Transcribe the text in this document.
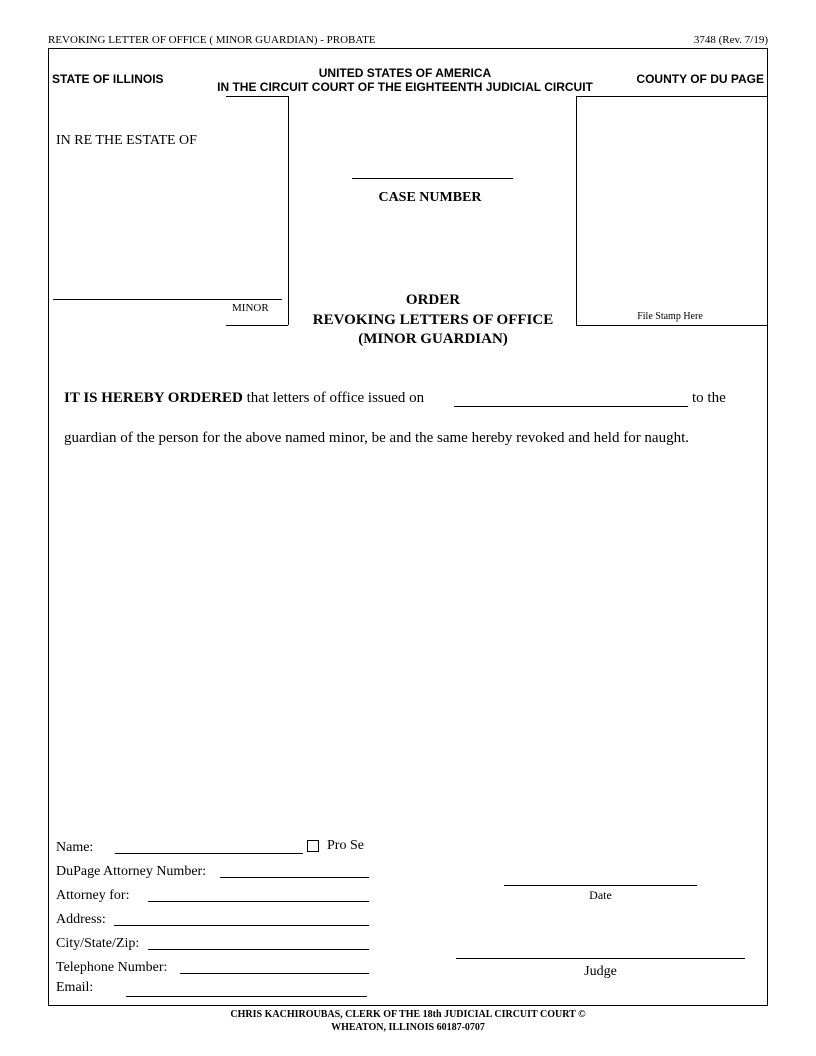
REVOKING LETTER OF OFFICE ( MINOR GUARDIAN) - PROBATE	3748 (Rev. 7/19)
STATE OF ILLINOIS	UNITED STATES OF AMERICA
IN THE CIRCUIT COURT OF THE EIGHTEENTH JUDICIAL CIRCUIT
COUNTY OF DU PAGE
IN RE THE ESTATE OF
MINOR
CASE NUMBER
File Stamp Here
ORDER
REVOKING LETTERS OF OFFICE
(MINOR GUARDIAN)
IT IS HEREBY ORDERED that letters of office issued on	to the
guardian of the person for the above named minor, be and the same hereby revoked and held for naught.
Name:	Pro Se
DuPage Attorney Number:
Attorney for:
Address:
City/State/Zip:
Telephone Number:
Email:
Date
Judge
CHRIS KACHIROUBAS, CLERK OF THE 18th JUDICIAL CIRCUIT COURT ©
WHEATON, ILLINOIS 60187-0707
